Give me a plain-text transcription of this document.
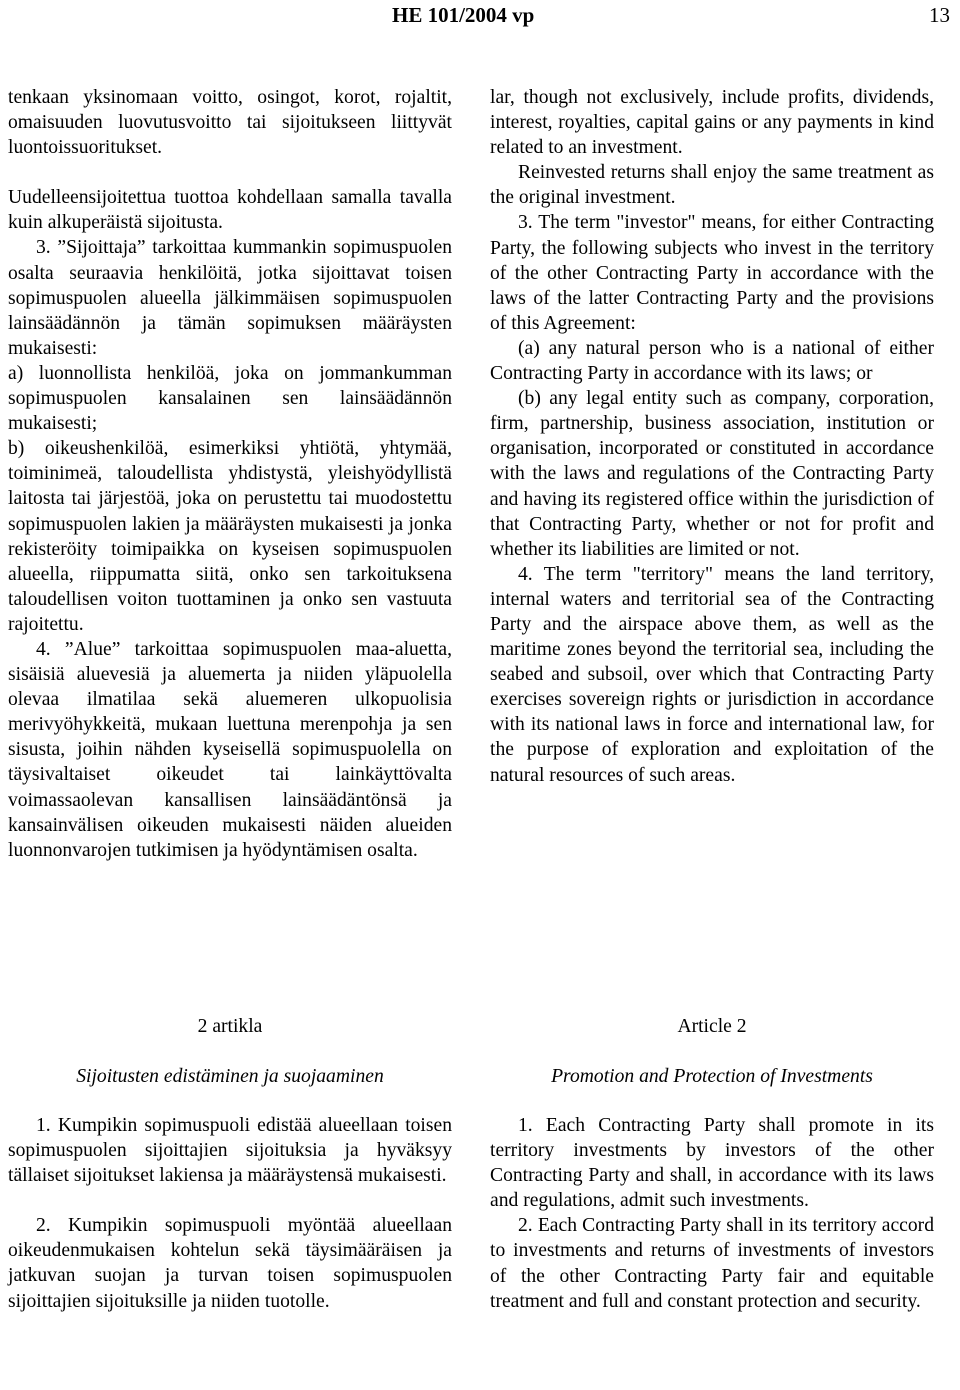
HE 101/2004 vp	13

tenkaan yksinomaan voitto, osingot, korot, rojaltit, omaisuuden luovutusvoitto tai sijoitukseen liittyvät luontoissuoritukset.

Uudelleensijoitettua tuottoa kohdellaan samalla tavalla kuin alkuperäistä sijoitusta.

3. ”Sijoittaja” tarkoittaa kummankin sopimuspuolen osalta seuraavia henkilöitä, jotka sijoittavat toisen sopimuspuolen alueella jälkimmäisen sopimuspuolen lainsäädännön ja tämän sopimuksen määräysten mukaisesti:

a) luonnollista henkilöä, joka on jommankumman sopimuspuolen kansalainen sen lainsäädännön mukaisesti;

b) oikeushenkilöä, esimerkiksi yhtiötä, yhtymää, toiminimeä, taloudellista yhdistystä, yleishyödyllistä laitosta tai järjestöä, joka on perustettu tai muodostettu sopimuspuolen lakien ja määräysten mukaisesti ja jonka rekisteröity toimipaikka on kyseisen sopimuspuolen alueella, riippumatta siitä, onko sen tarkoituksena taloudellisen voiton tuottaminen ja onko sen vastuuta rajoitettu.

4. ”Alue” tarkoittaa sopimuspuolen maa-aluetta, sisäisiä aluevesiä ja aluemerta ja niiden yläpuolella olevaa ilmatilaa sekä aluemeren ulkopuolisia merivyöhykkeitä, mukaan luettuna merenpohja ja sen sisusta, joihin nähden kyseisellä sopimuspuolella on täysivaltaiset oikeudet tai lainkäyttövalta voimassaolevan kansallisen lainsäädäntönsä ja kansainvälisen oikeuden mukaisesti näiden alueiden luonnonvarojen tutkimisen ja hyödyntämisen osalta.

lar, though not exclusively, include profits, dividends, interest, royalties, capital gains or any payments in kind related to an investment.

Reinvested returns shall enjoy the same treatment as the original investment.

3. The term "investor" means, for either Contracting Party, the following subjects who invest in the territory of the other Contracting Party in accordance with the laws of the latter Contracting Party and the provisions of this Agreement:

(a) any natural person who is a national of either Contracting Party in accordance with its laws; or

(b) any legal entity such as company, corporation, firm, partnership, business association, institution or organisation, incorporated or constituted in accordance with the laws and regulations of the Contracting Party and having its registered office within the jurisdiction of that Contracting Party, whether or not for profit and whether its liabilities are limited or not.

4. The term "territory" means the land territory, internal waters and territorial sea of the Contracting Party and the airspace above them, as well as the maritime zones beyond the territorial sea, including the seabed and subsoil, over which that Contracting Party exercises sovereign rights or jurisdiction in accordance with its national laws in force and international law, for the purpose of exploration and exploitation of the natural resources of such areas.

2 artikla
Sijoitusten edistäminen ja suojaaminen
Article 2
Promotion and Protection of Investments

1. Kumpikin sopimuspuoli edistää alueellaan toisen sopimuspuolen sijoittajien sijoituksia ja hyväksyy tällaiset sijoitukset lakiensa ja määräystensä mukaisesti.

2. Kumpikin sopimuspuoli myöntää alueellaan oikeudenmukaisen kohtelun sekä täysimääräisen ja jatkuvan suojan ja turvan toisen sopimuspuolen sijoittajien sijoituksille ja niiden tuotolle.

1. Each Contracting Party shall promote in its territory investments by investors of the other Contracting Party and shall, in accordance with its laws and regulations, admit such investments.

2. Each Contracting Party shall in its territory accord to investments and returns of investments of investors of the other Contracting Party fair and equitable treatment and full and constant protection and security.
